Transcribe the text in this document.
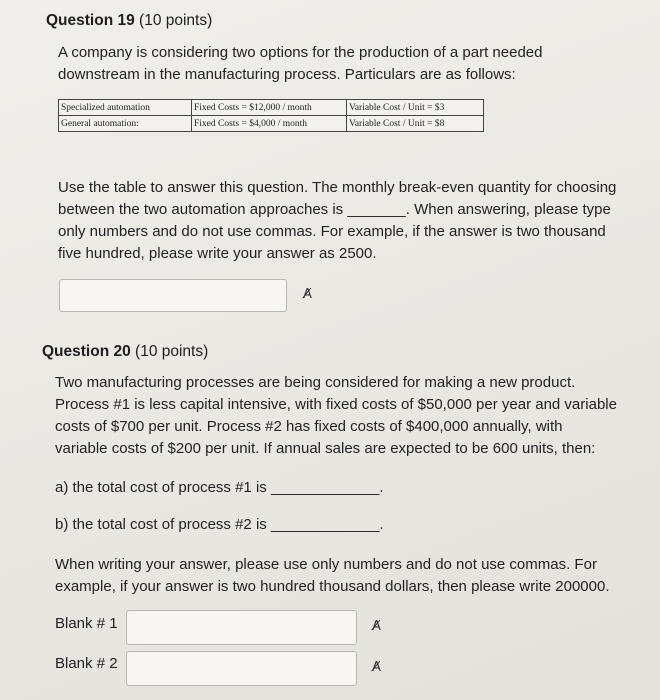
Question 19 (10 points)
A company is considering two options for the production of a part needed
downstream in the manufacturing process. Particulars are as follows:
Specialized automation	Fixed Costs = $12,000 / month	Variable Cost / Unit = $3
General automation:	Fixed Costs = $4,000 / month	Variable Cost / Unit = $8
Use the table to answer this question. The monthly break-even quantity for choosing
between the two automation approaches is _______. When answering, please type
only numbers and do not use commas. For example, if the answer is two thousand
five hundred, please write your answer as 2500.
A̸
Question 20 (10 points)
Two manufacturing processes are being considered for making a new product.
Process #1 is less capital intensive, with fixed costs of $50,000 per year and variable
costs of $700 per unit. Process #2 has fixed costs of $400,000 annually, with
variable costs of $200 per unit. If annual sales are expected to be 600 units, then:
a) the total cost of process #1 is _____________.
b) the total cost of process #2 is _____________.
When writing your answer, please use only numbers and do not use commas. For
example, if your answer is two hundred thousand dollars, then please write 200000.
Blank # 1	A̸
Blank # 2	A̸
